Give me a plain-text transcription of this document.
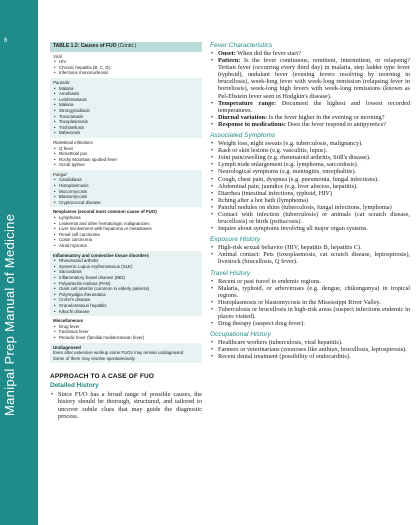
6
Manipal Prep Manual of Medicine
TABLE 1.2: Causes of FUO (Contd.)
Viral
• HIV
• Chronic hepatitis (B, C, D)
• Infectious mononucleosis
Parasitic
• Malaria
• Amebiasis
• Leishmaniasis
• Malaria
• Strongyloidiasis
• Toxocariasis
• Toxoplasmosis
• Trichinellosis
• Babesiosis
Rickettsial infections
• Q fever
• Rickettsial pox
• Rocky Mountain spotted fever
• Scrub typhus
Fungal
• Candidiasis
• Histoplasmosis
• Mucormycosis
• Blastomycosis
• Cryptococcal disease
Neoplasms (second most common cause of FUO)
• Lymphoma
• Leukemia and other hematologic malignancies
• Liver involvement with hepatoma or metastases
• Renal cell carcinoma
• Colon carcinoma
• Atrial myxoma
Inflammatory and connective tissue disorders
• Rheumatoid arthritis
• Systemic Lupus erythematosus (SLE)
• Sarcoidosis
• Inflammatory bowel disease (IBD)
• Polyarteritis nodosa (PAN)
• Giant cell arteritis (common in elderly patients)
• Polymyalgia rheumatica
• Crohn's disease
• Granulomatous hepatitis
• Kikuchi disease
Miscellaneous
• Drug fever
• Factitious fever
• Periodic fever (familial mediterranean fever)
Undiagnosed
Even after extensive workup some FUOs may remain undiagnosed.
Some of them may resolve spontaneously.
APPROACH TO A CASE OF FUO
Detailed History
• Since FUO has a broad range of possible causes, the history should be thorough, structured, and tailored to uncover subtle clues that may guide the diagnostic process.
Fever Characteristics
• Onset: When did the fever start?
• Pattern: Is the fever continuous, remittent, intermittent, or relapsing? Tertian fever (occurring every third day) in malaria, step ladder type fever (typhoid), undulant fever (evening fevers resolving by morning in brucellosis), week-long fever with week-long remission (relapsing fever in borreliosis), week-long high fevers with week-long remissions (known as Pel-Ebstein fever seen in Hodgkin's disease).
• Temperature range: Document the highest and lowest recorded temperatures.
• Diurnal variation: Is the fever higher in the evening or morning?
• Response to medications: Does the fever respond to antipyretics?
Associated Symptoms
• Weight loss, night sweats (e.g. tuberculosis, malignancy).
• Rash or skin lesions (e.g. vasculitis, lupus).
• Joint pain/swelling (e.g. rheumatoid arthritis, Still's disease).
• Lymph node enlargement (e.g. lymphoma, sarcoidosis).
• Neurological symptoms (e.g. meningitis, encephalitis).
• Cough, chest pain, dyspnea (e.g. pneumonia, fungal infections).
• Abdominal pain, jaundice (e.g. liver abscess, hepatitis).
• Diarrhea (intestinal infections, typhoid, HIV)
• Itching after a hot bath (lymphoma)
• Painful nodules on shins (tuberculosis, fungal infections, lymphoma)
• Contact with infection (tuberculosis) or animals (cat scratch disease, brucellosis) or birds (psittacosis).
• Inquire about symptoms involving all major organ systems.
Exposure History
• High-risk sexual behavior (HIV, hepatitis B, hepatitis C).
• Animal contact: Pets (toxoplasmosis, cat scratch disease, leptospirosis), livestock (brucellosis, Q fever).
Travel History
• Recent or past travel to endemic regions.
• Malaria, typhoid, or arboviruses (e.g. dengue, chikungunya) in tropical regions.
• Histoplasmosis or blastomycosis in the Mississippi River Valley.
• Tuberculosis or brucellosis in high-risk areas (suspect infections endemic in places visited).
• Drug therapy (suspect drug fever).
Occupational History
• Healthcare workers (tuberculosis, viral hepatitis).
• Farmers or veterinarians (zoonoses like anthrax, brucellosis, leptospirosis).
• Recent dental treatment (possibility of endocarditis).
